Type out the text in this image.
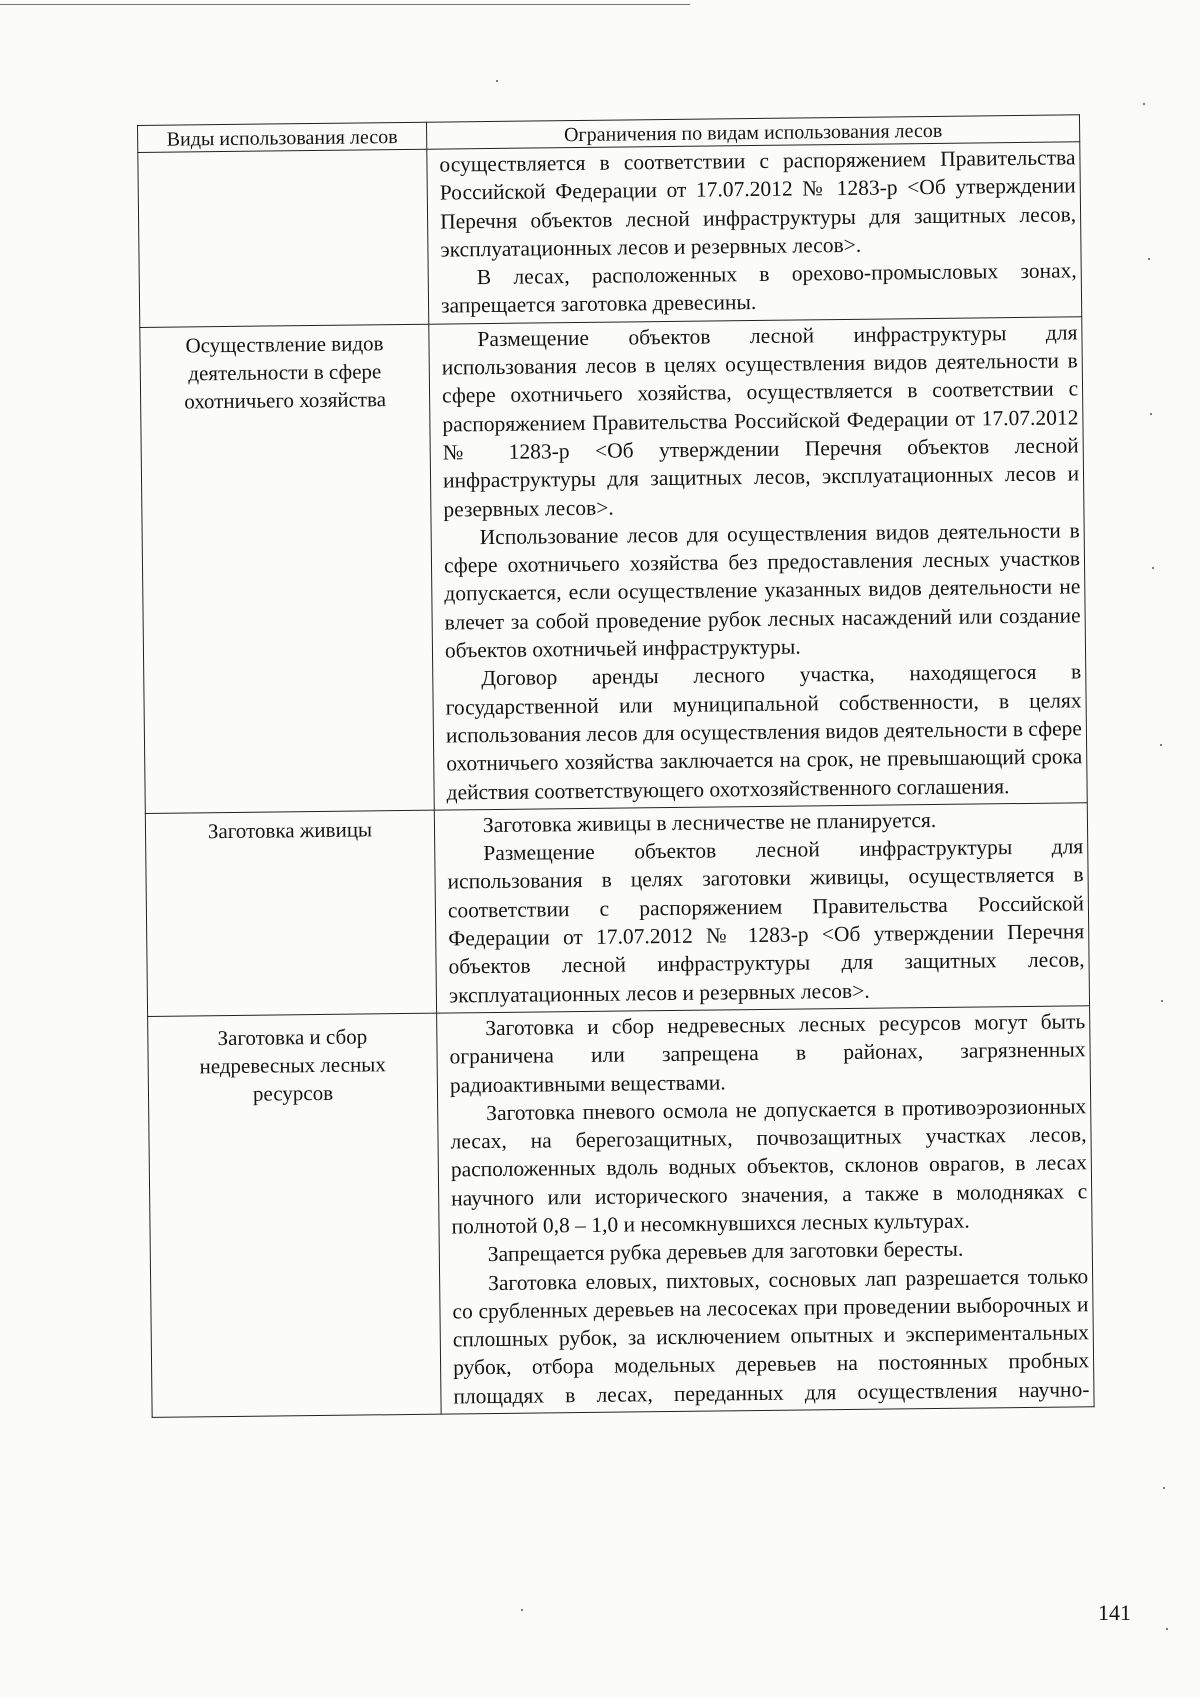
Виды использования лесов	Ограничения по видам использования лесов

	осуществляется в соответствии с распоряжением Правительства Российской Федерации от 17.07.2012 № 1283-р <Об утверждении Перечня объектов лесной инфраструктуры для защитных лесов, эксплуатационных лесов и резервных лесов>.

В лесах, расположенных в орехово-промысловых зонах, запрещается заготовка древесины.

Осуществление видов деятельности в сфере охотничьего хозяйства	Размещение объектов лесной инфраструктуры для использования лесов в целях осуществления видов деятельности в сфере охотничьего хозяйства, осуществляется в соответствии с распоряжением Правительства Российской Федерации от 17.07.2012 № 1283-р <Об утверждении Перечня объектов лесной инфраструктуры для защитных лесов, эксплуатационных лесов и резервных лесов>.

Использование лесов для осуществления видов деятельности в сфере охотничьего хозяйства без предоставления лесных участков допускается, если осуществление указанных видов деятельности не влечет за собой проведение рубок лесных насаждений или создание объектов охотничьей инфраструктуры.

Договор аренды лесного участка, находящегося в государственной или муниципальной собственности, в целях использования лесов для осуществления видов деятельности в сфере охотничьего хозяйства заключается на срок, не превышающий срока действия соответствующего охотхозяйственного соглашения.

Заготовка живицы	Заготовка живицы в лесничестве не планируется.

Размещение объектов лесной инфраструктуры для использования в целях заготовки живицы, осуществляется в соответствии с распоряжением Правительства Российской Федерации от 17.07.2012 № 1283-р <Об утверждении Перечня объектов лесной инфраструктуры для защитных лесов, эксплуатационных лесов и резервных лесов>.

Заготовка и сбор недревесных лесных ресурсов	Заготовка и сбор недревесных лесных ресурсов могут быть ограничена или запрещена в районах, загрязненных радиоактивными веществами.

Заготовка пневого осмола не допускается в противоэрозионных лесах, на берегозащитных, почвозащитных участках лесов, расположенных вдоль водных объектов, склонов оврагов, в лесах научного или исторического значения, а также в молодняках с полнотой 0,8 – 1,0 и несомкнувшихся лесных культурах.

Запрещается рубка деревьев для заготовки бересты.

Заготовка еловых, пихтовых, сосновых лап разрешается только со срубленных деревьев на лесосеках при проведении выборочных и сплошных рубок, за исключением опытных и экспериментальных рубок, отбора модельных деревьев на постоянных пробных площадях в лесах, переданных для осуществления научно-

141
